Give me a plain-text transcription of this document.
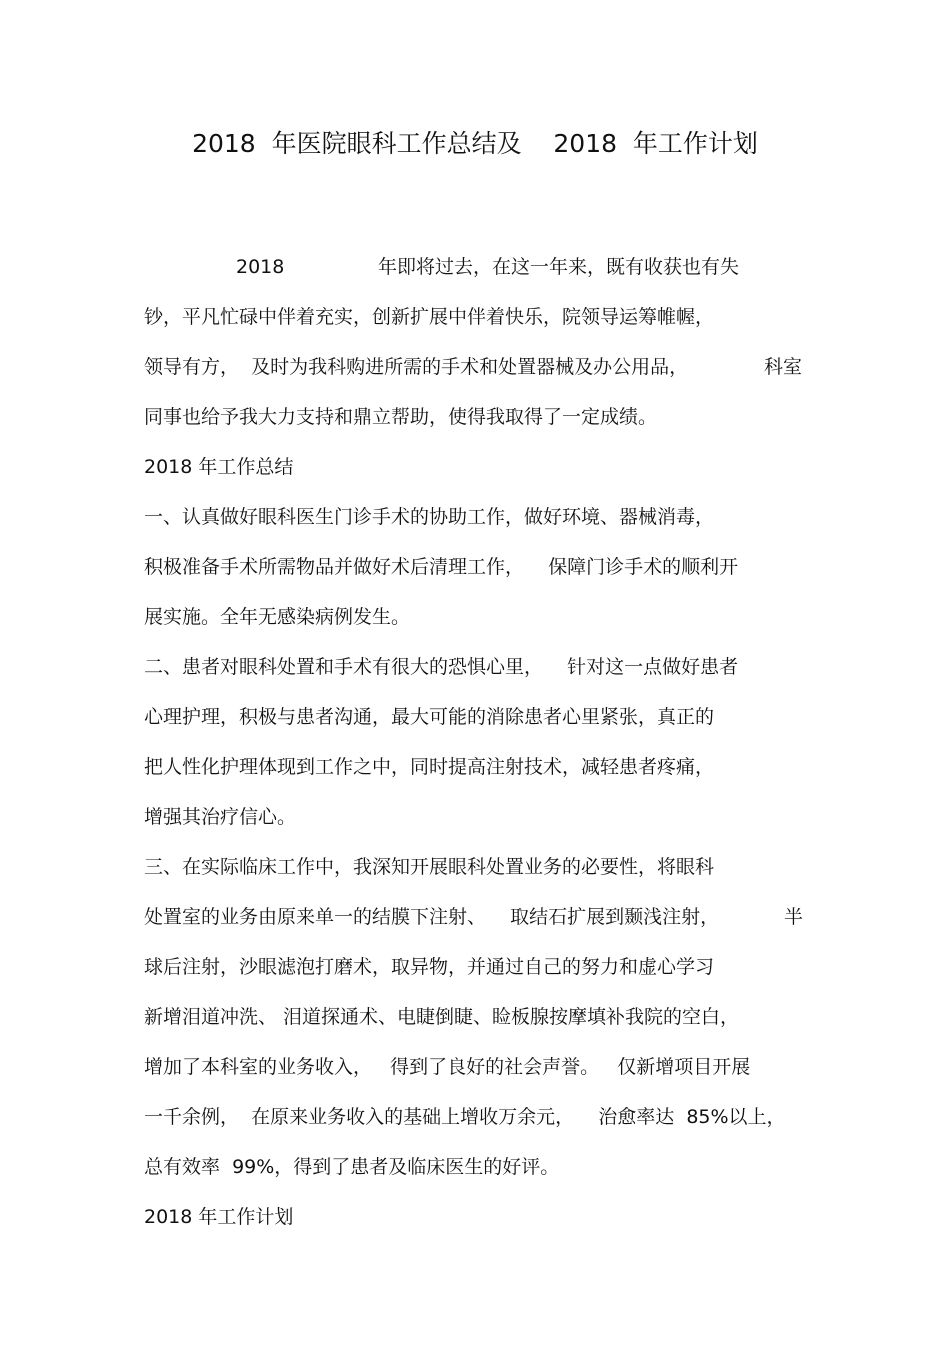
2018  年医院眼科工作总结及    2018  年工作计划
2018	年即将过去，在这一年来，既有收获也有失
钞，平凡忙碌中伴着充实，创新扩展中伴着快乐，院领导运筹帷幄，
领导有方，  及时为我科购进所需的手术和处置器械及办公用品，	科室
同事也给予我大力支持和鼎立帮助，使得我取得了一定成绩。
2018 年工作总结
一、认真做好眼科医生门诊手术的协助工作，做好环境、器械消毒，
积极准备手术所需物品并做好术后清理工作，    保障门诊手术的顺利开
展实施。全年无感染病例发生。
二、患者对眼科处置和手术有很大的恐惧心里，    针对这一点做好患者
心理护理，积极与患者沟通，最大可能的消除患者心里紧张，真正的
把人性化护理体现到工作之中，同时提高注射技术，减轻患者疼痛，
增强其治疗信心。
三、在实际临床工作中，我深知开展眼科处置业务的必要性，将眼科
处置室的业务由原来单一的结膜下注射、    取结石扩展到颞浅注射，	半
球后注射，沙眼滤泡打磨术，取异物，并通过自己的努力和虚心学习
新增泪道冲洗、 泪道探通术、电睫倒睫、睑板腺按摩填补我院的空白，
增加了本科室的业务收入，   得到了良好的社会声誉。   仅新增项目开展
一千余例，  在原来业务收入的基础上增收万余元，    治愈率达  85%以上，
总有效率  99%，得到了患者及临床医生的好评。
2018 年工作计划
